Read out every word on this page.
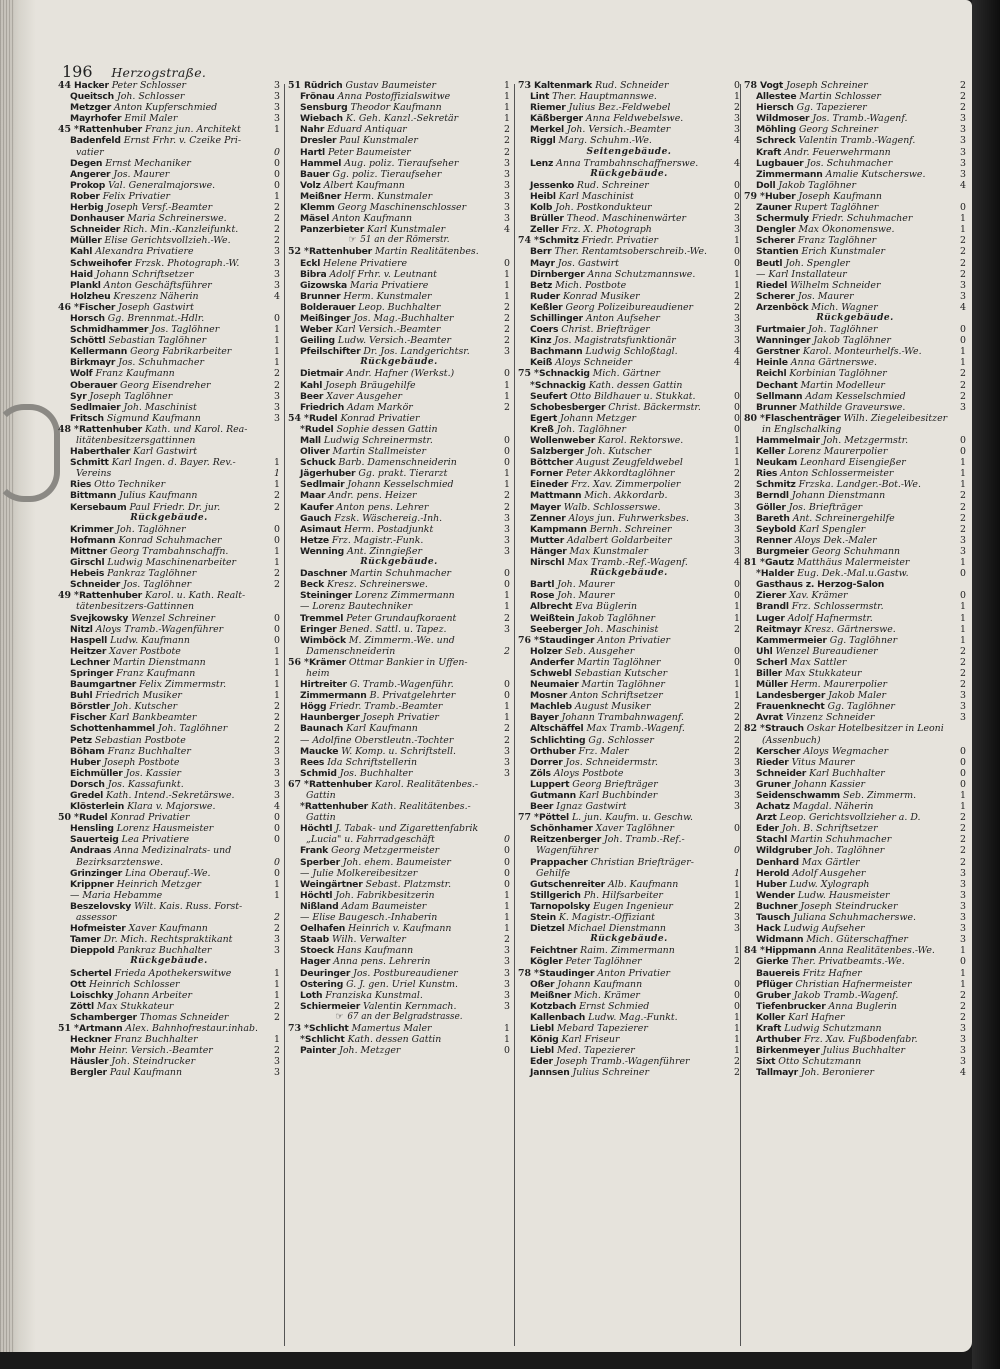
196 Herzogstraße.
44 Hacker Peter Schlosser	3
Queitsch Joh. Schlosser	3
Metzger Anton Kupferschmied	3
Mayrhofer Emil Maler	3
45 *Rattenhuber Franz jun. Architekt	1
Badenfeld Ernst Frhr. v. Czeike Pri-
vatier	0
Degen Ernst Mechaniker	0
Angerer Jos. Maurer	0
Prokop Val. Generalmajorswe.	0
Rober Felix Privatier	1
Herbig Joseph Versf.-Beamter	2
Donhauser Maria Schreinerswe.	2
Schneider Rich. Min.-Kanzleifunkt.	2
Müller Elise Gerichtsvollzieh.-We.	2
Kahl Alexandra Privatiere	3
Schweihofer Frzsk. Photograph.-W.	3
Haid Johann Schriftsetzer	3
Plankl Anton Geschäftsführer	3
Holzheu Kreszenz Näherin	4
46 *Fischer Joseph Gastwirt
Horsch Gg. Brennmat.-Hdlr.	0
Schmidhammer Jos. Taglöhner	1
Schöttl Sebastian Taglöhner	1
Kellermann Georg Fabrikarbeiter	1
Birkmayr Jos. Schuhmacher	1
Wolf Franz Kaufmann	2
Oberauer Georg Eisendreher	2
Syr Joseph Taglöhner	3
Sedlmaier Joh. Maschinist	3
Fritsch Sigmund Kaufmann	3
48 *Rattenhuber Kath. und Karol. Rea-
litätenbesitzersgattinnen
Haberthaler Karl Gastwirt
Schmitt Karl Ingen. d. Bayer. Rev.-	1
Vereins	1
Ries Otto Techniker	1
Bittmann Julius Kaufmann	2
Kersebaum Paul Friedr. Dr. jur.	2
Rückgebäude.
Krimmer Joh. Taglöhner	0
Hofmann Konrad Schuhmacher	0
Mittner Georg Trambahnschaffn.	1
Girschl Ludwig Maschinenarbeiter	1
Hebeis Pankraz Taglöhner	2
Schneider Jos. Taglöhner	2
49 *Rattenhuber Karol. u. Kath. Realt-
tätenbesitzers-Gattinnen
Svejkowsky Wenzel Schreiner	0
Nitzl Aloys Tramb.-Wagenführer	0
Haspell Ludw. Kaufmann	0
Heitzer Xaver Postbote	1
Lechner Martin Dienstmann	1
Springer Franz Kaufmann	1
Baumgartner Felix Zimmermstr.	1
Buhl Friedrich Musiker	1
Börstler Joh. Kutscher	2
Fischer Karl Bankbeamter	2
Schottenhammel Joh. Taglöhner	2
Petz Sebastian Postbote	2
Böham Franz Buchhalter	3
Huber Joseph Postbote	3
Eichmüller Jos. Kassier	3
Dorsch Jos. Kassafunkt.	3
Gredel Kath. Intend.-Sekretärswe.	3
Klösterlein Klara v. Majorswe.	4
50 *Rudel Konrad Privatier	0
Hensling Lorenz Hausmeister	0
Sauerteig Lea Privatiere	0
Andraas Anna Medizinalrats- und
Bezirksarztenswe.	0
Grinzinger Lina Oberauf.-We.	0
Krippner Heinrich Metzger	1
— Maria Hebamme	1
Beszelovsky Wilt. Kais. Russ. Forst-
assessor	2
Hofmeister Xaver Kaufmann	2
Tamer Dr. Mich. Rechtspraktikant	3
Dieppold Pankraz Buchhalter	3
Rückgebäude.
Schertel Frieda Apothekerswitwe	1
Ott Heinrich Schlosser	1
Loischky Johann Arbeiter	1
Zöttl Max Stukkateur	2
Schamberger Thomas Schneider	2
51 *Artmann Alex. Bahnhofrestaur.inhab.
Heckner Franz Buchhalter	1
Mohr Heinr. Versich.-Beamter	2
Häusler Joh. Steindrucker	3
Bergler Paul Kaufmann	3
51 Rüdrich Gustav Baumeister	1
Frönau Anna Postoffizialswitwe	1
Sensburg Theodor Kaufmann	1
Wiebach K. Geh. Kanzl.-Sekretär	1
Nahr Eduard Antiquar	2
Dresler Paul Kunstmaler	2
Hartl Peter Baumeister	2
Hammel Aug. poliz. Tieraufseher	3
Bauer Gg. poliz. Tieraufseher	3
Volz Albert Kaufmann	3
Meißner Herm. Kunstmaler	3
Klemm Georg Maschinenschlosser	3
Mäsel Anton Kaufmann	3
Panzerbieter Karl Kunstmaler	4
☞ 51 an der Römerstr.
52 *Rattenhuber Martin Realitätenbes.
Eckl Helene Privatiere	0
Bibra Adolf Frhr. v. Leutnant	1
Gizowska Maria Privatiere	1
Brunner Herm. Kunstmaler	1
Bolderauer Leop. Buchhalter	2
Meißinger Jos. Mag.-Buchhalter	2
Weber Karl Versich.-Beamter	2
Geiling Ludw. Versich.-Beamter	2
Pfeilschifter Dr. Jos. Landgerichtsr.	3
Rückgebäude.
Dietmair Andr. Hafner (Werkst.)	0
Kahl Joseph Bräugehilfe	1
Beer Xaver Ausgeher	1
Friedrich Adam Markör	2
54 *Rudel Konrad Privatier
*Rudel Sophie dessen Gattin
Mall Ludwig Schreinermstr.	0
Oliver Martin Stallmeister	0
Schuck Barb. Damenschneiderin	0
Jägerhuber Gg. prakt. Tierarzt	1
Sedlmair Johann Kesselschmied	1
Maar Andr. pens. Heizer	2
Kaufer Anton pens. Lehrer	2
Gauch Fzsk. Wäschereig.-Inh.	3
Asimaut Herm. Postadjunkt	3
Hetze Frz. Magistr.-Funk.	3
Wenning Ant. Zinngießer	3
Rückgebäude.
Daschner Martin Schuhmacher	0
Beck Kresz. Schreinerswe.	0
Steininger Lorenz Zimmermann	1
— Lorenz Bautechniker	1
Tremmel Peter Grundaufkoraent	2
Eringer Bened. Sattl. u. Tapez.	3
Wimböck M. Zimmerm.-We. und
Damenschneiderin	2
56 *Krämer Ottmar Bankier in Uffen-
heim
Hirtreiter G. Tramb.-Wagenführ.	0
Zimmermann B. Privatgelehrter	0
Högg Friedr. Tramb.-Beamter	1
Haunberger Joseph Privatier	1
Baunach Karl Kaufmann	2
— Adolfine Oberstleutn.-Tochter	2
Maucke W. Komp. u. Schriftstell.	3
Rees Ida Schriftstellerin	3
Schmid Jos. Buchhalter	3
67 *Rattenhuber Karol. Realitätenbes.-
Gattin
*Rattenhuber Kath. Realitätenbes.-
Gattin
Höchtl J. Tabak- und Zigarettenfabrik
„Lucia" u. Fahrradgeschäft	0
Frank Georg Metzgermeister	0
Sperber Joh. ehem. Baumeister	0
— Julie Molkereibesitzer	0
Weingärtner Sebast. Platzmstr.	0
Höchtl Joh. Fabrikbesitzerin	1
Nißland Adam Baumeister	1
— Elise Baugesch.-Inhaberin	1
Oelhafen Heinrich v. Kaufmann	1
Staab Wilh. Verwalter	2
Stoeck Hans Kaufmann	3
Hager Anna pens. Lehrerin	3
Deuringer Jos. Postbureaudiener	3
Ostering G. J. gen. Uriel Kunstm.	3
Loth Franziska Kunstmal.	3
Schiermeier Valentin Kernmach.	3
☞ 67 an der Belgradstrasse.
73 *Schlicht Mamertus Maler	1
*Schlicht Kath. dessen Gattin	1
Painter Joh. Metzger	0
73 Kaltenmark Rud. Schneider	0
Lint Ther. Hauptmannswe.	1
Riemer Julius Bez.-Feldwebel	2
Käßberger Anna Feldwebelswe.	3
Merkel Joh. Versich.-Beamter	3
Riggl Marg. Schuhm.-We.	4
Seitengebäude.
Lenz Anna Trambahnschaffnerswe.	4
Rückgebäude.
Jessenko Rud. Schreiner	0
Heibl Karl Maschinist	0
Kolb Joh. Postkondukteur	2
Brüller Theod. Maschinenwärter	3
Zeller Frz. X. Photograph	3
74 *Schmitz Friedr. Privatier	1
Berr Ther. Rentamtsoberschreib.-We.	0
Mayr Jos. Gastwirt	0
Dirnberger Anna Schutzmannswe.	1
Betz Mich. Postbote	1
Ruder Konrad Musiker	2
Keßler Georg Polizeibureaudiener	2
Schillinger Anton Aufseher	3
Coers Christ. Briefträger	3
Kinz Jos. Magistratsfunktionär	3
Bachmann Ludwig Schloßtagl.	4
Keiß Aloys Schneider	4
75 *Schnackig Mich. Gärtner
*Schnackig Kath. dessen Gattin
Seufert Otto Bildhauer u. Stukkat.	0
Schobesberger Christ. Bäckermstr.	0
Egert Johann Metzger	0
Kreß Joh. Taglöhner	0
Wollenweber Karol. Rektorswe.	1
Salzberger Joh. Kutscher	1
Böttcher August Zeugfeldwebel	1
Forner Peter Akkordtaglöhner	2
Eineder Frz. Xav. Zimmerpolier	2
Mattmann Mich. Akkordarb.	3
Mayer Walb. Schlosserswe.	3
Zenner Aloys jun. Fuhrwerksbes.	3
Kampmann Bernh. Schreiner	3
Mutter Adalbert Goldarbeiter	3
Hänger Max Kunstmaler	3
Nirschl Max Tramb.-Ref.-Wagenf.	4
Rückgebäude.
Bartl Joh. Maurer	0
Rose Joh. Maurer	0
Albrecht Eva Büglerin	1
Weißtein Jakob Taglöhner	1
Seeberger Joh. Maschinist	2
76 *Staudinger Anton Privatier
Holzer Seb. Ausgeher	0
Anderfer Martin Taglöhner	0
Schwebl Sebastian Kutscher	1
Neumaier Martin Taglöhner	1
Mosner Anton Schriftsetzer	1
Machleb August Musiker	2
Bayer Johann Trambahnwagenf.	2
Altschäffel Max Tramb.-Wagenf.	2
Schlichting Gg. Schlosser	2
Orthuber Frz. Maler	2
Dorrer Jos. Schneidermstr.	3
Zöls Aloys Postbote	3
Luppert Georg Briefträger	3
Gutmann Karl Buchbinder	3
Beer Ignaz Gastwirt	3
77 *Pöttel L. jun. Kaufm. u. Geschw.
Schönhamer Xaver Taglöhner	0
Reitzenberger Joh. Tramb.-Ref.-
Wagenführer	0
Prappacher Christian Briefträger-
Gehilfe	1
Gutschenreiter Alb. Kaufmann	1
Stillgerich Ph. Hilfsarbeiter	1
Tarnopolsky Eugen Ingenieur	2
Stein K. Magistr.-Offiziant	3
Dietzel Michael Dienstmann	3
Rückgebäude.
Feichtner Raim. Zimmermann	1
Kögler Peter Taglöhner	2
78 *Staudinger Anton Privatier
Oßer Johann Kaufmann	0
Meißner Mich. Krämer	0
Kotzbach Ernst Schmied	0
Kallenbach Ludw. Mag.-Funkt.	1
Liebl Mebard Tapezierer	1
König Karl Friseur	1
Liebl Med. Tapezierer	1
Eder Joseph Tramb.-Wagenführer	2
Jannsen Julius Schreiner	2
78 Vogt Joseph Schreiner	2
Allestee Martin Schlosser	2
Hiersch Gg. Tapezierer	2
Wildmoser Jos. Tramb.-Wagenf.	3
Möhling Georg Schreiner	3
Schreck Valentin Tramb.-Wagenf.	3
Kraft Andr. Feuerwehrmann	3
Lugbauer Jos. Schuhmacher	3
Zimmermann Amalie Kutscherswe.	3
Doll Jakob Taglöhner	4
79 *Huber Joseph Kaufmann
Zauner Rupert Taglöhner	0
Schermuly Friedr. Schuhmacher	1
Dengler Max Ökonomenswe.	1
Scherer Franz Taglöhner	2
Stantien Erich Kunstmaler	2
Beutl Joh. Spengler	2
— Karl Installateur	2
Riedel Wilhelm Schneider	3
Scherer Jos. Maurer	3
Arzenböck Mich. Wagner	4
Rückgebäude.
Furtmaier Joh. Taglöhner	0
Wanninger Jakob Taglöhner	0
Gerstner Karol. Monteurhelfs.-We.	1
Heinle Anna Gärtnerswe.	1
Reichl Korbinian Taglöhner	2
Dechant Martin Modelleur	2
Sellmann Adam Kesselschmied	2
Brunner Mathilde Graveurswe.	3
80 *Flaschenträger Wilh. Ziegeleibesitzer
in Englschalking
Hammelmair Joh. Metzgermstr.	0
Keller Lorenz Maurerpolier	0
Neukam Leonhard Eisengießer	1
Ries Anton Schlossermeister	1
Schmitz Frzska. Landger.-Bot.-We.	1
Berndl Johann Dienstmann	2
Göller Jos. Briefträger	2
Bareth Ant. Schreinergehilfe	2
Seybold Karl Spengler	2
Renner Aloys Dek.-Maler	3
Burgmeier Georg Schuhmann	3
81 *Gautz Matthäus Malermeister	1
*Halder Eug. Dek.-Mal.u.Gastw.	0
Gasthaus z. Herzog-Salon
Zierer Xav. Krämer	0
Brandl Frz. Schlossermstr.	1
Luger Adolf Hafnermstr.	1
Reitmayr Kresz. Gärtnerswe.	1
Kammermeier Gg. Taglöhner	1
Uhl Wenzel Bureaudiener	2
Scherl Max Sattler	2
Biller Max Stukkateur	2
Müller Herm. Maurerpolier	2
Landesberger Jakob Maler	3
Frauenknecht Gg. Taglöhner	3
Avrat Vinzenz Schneider	3
82 *Strauch Oskar Hotelbesitzer in Leoni
(Assenbuch)
Kerscher Aloys Wegmacher	0
Rieder Vitus Maurer	0
Schneider Karl Buchhalter	0
Gruner Johann Kassier	0
Seidenschwamm Seb. Zimmerm.	1
Achatz Magdal. Näherin	1
Arzt Leop. Gerichtsvollzieher a. D.	2
Eder Joh. B. Schriftsetzer	2
Stachl Martin Schuhmacher	2
Wildgruber Joh. Taglöhner	2
Denhard Max Gärtler	2
Herold Adolf Ausgeher	3
Huber Ludw. Xylograph	3
Wender Ludw. Hausmeister	3
Buchner Joseph Steindrucker	3
Tausch Juliana Schuhmacherswe.	3
Hack Ludwig Aufseher	3
Widmann Mich. Güterschaffner	3
84 *Hippmann Anna Realitätenbes.-We.	1
Gierke Ther. Privatbeamts.-We.	0
Bauereis Fritz Hafner	1
Pflüger Christian Hafnermeister	1
Gruber Jakob Tramb.-Wagenf.	2
Tiefenbrucker Anna Buglerin	2
Koller Karl Hafner	2
Kraft Ludwig Schutzmann	3
Arthuber Frz. Xav. Fußbodenfabr.	3
Birkenmeyer Julius Buchhalter	3
Sixt Otto Schutzmann	3
Tallmayr Joh. Beronierer	4
